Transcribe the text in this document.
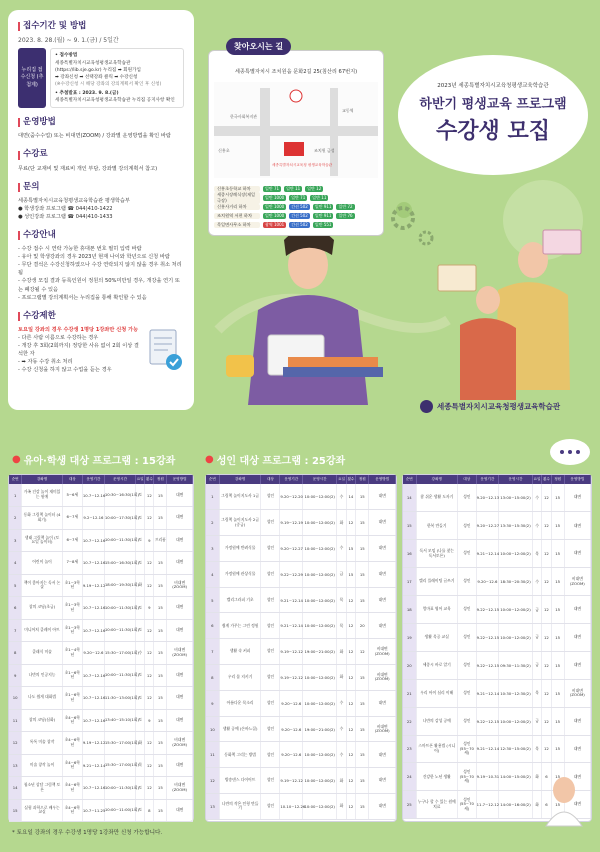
접수기간 및 방법
2023. 8. 28.(월) ~ 9. 1.(금) / 5일간
누리집 접수신청 (추첨제)
• 접수방법
세종특별자치시교육청평생교육학습관
(https://lib.sje.go.kr) 누리집 ➡ 회원가입
➡ 강좌신청 ➡ 선택강좌 클릭 ➡ 수강신청
(※수강신청 시 해당 강좌의 강의계획서 확인 후 신청)
• 추첨발표 : 2023. 9. 8.(금)
세종특별자치시교육청평생교육학습관 누리집 공지사항 확인
운영방법
대면(줌수수업) 또는 비대면(ZOOM) / 강좌별 운영방법을 확인 바람
수강료
무료(단 교재비 및 재료비 개인 부담, 강좌별 강의계획서 참고)
문의
세종특별자치시교육청평생교육학습관 평생학습부
● 학생강좌 프로그램 ☎ 044)410-1422
● 성인강좌 프로그램 ☎ 044)410-1433
수강안내
- 수강 접수 시 연락 가능한 휴대폰 번호 필히 입력 바람
- 유아 및 학생강좌의 경우 2023년 현재 나이와 학년으로 신청 바람
- 무단 결석은 수강신청하였으나 수강 연락되지 않지 않을 경우 취소 처리 됨
- 수강생 모집 결과 등록인원이 정원의 50%미만일 경우, 개강을 연기 또는 폐강될 수 있음
- 프로그램별 강의계획서는 누리집을 통해 확인할 수 있음
수강제한
토요일 강좌의 경우 수강생 1명당 1강좌만 신청 가능
- 다른 사람 이름으로 수강하는 경우
- 개강 후 3회(2회까지) 정당한 사유 없이 2회 이상 결석한 자
- ➡ 자동 수강 취소 처리
- 수강 신청을 하지 않고 수업을 듣는 경우
찾아오시는 길
세종특별자치시 조치원읍 문화2길 25(침산리 67번지)
한국사회복지관
교동역
신흥초	조치원 금성
세종특별자치시교육청 평생교육학습관
신흥초등학교 하차	일반 71	일반 11	일반 12
세종시장례식장(제일극장)
일반 1000	일반 71	일반 11
신흥사거리 하차	일반 1000	간선 502	일반 911	일반 72
조치원역 서편 하차	일반 1000	간선 502	일반 911	일반 76
목일면사무소 하차	광역 1001	간선 502	일반 551
2023년 세종특별자치시교육청평생교육학습관
하반기 평생교육 프로그램
수강생 모집
세종특별자치시교육청평생교육학습관
● 유아·학생 대상 프로그램 : 15강좌	● 성인 대상 프로그램 : 25강좌
순번	강좌명	대상	운영기간	운영시간	요일	횟수	정원	운영방법
1	가족 건강 놀이 재미있는 원예	5~6세	10.7~12.16	10:30~16:30(1회)	토	12	15	대면
2	동화 그림책 놀이터 (4회기)	6~7세	9.2~12.16	10:00~17:30(1회)	토	12	15	대면
3	생태 그림책 놀이 (토요일 놀이터)	6~7세	10.7~12.16	10:00~11:30(1회)	토	9	프리폼	대면
4	어린이 놀이	7~8세	10.7~12.16	15:00~16:30(1회)	토	12	15	대면
5	책이 좋아지는 독서 논술	초1~3학년	9.19~12.12	18:00~19:30(1회)	화	12	15	비대면(ZOOM)
6	창의 코딩(초급)	초1~3학년	10.7~12.16	10:00~11:30(1회)	토	9	15	대면
7	미니어처 클레이 아트	초1~3학년	10.7~12.16	10:00~11:30(1회)	토	12	15	대면
8	클래식 미술	초1~4학년	9.20~12.6	15:30~17:00(1회)	수	12	15	비대면(ZOOM)
9	나만의 인공지능	초1~6학년	10.7~12.16	10:00~11:30(1회)	토	12	15	대면
10	나도 쉽게 대화법	초1~6학년	10.7~12.16	11:30~13:00(1회)	토	12	15	대면
11	창의 코딩(심화)	초4~6학년	10.7~12.16	13:40~15:10(1회)	토	9	15	대면
12	톡톡 미술 창작	초4~6학년	9.19~12.12	15:30~17:00(1회)	화	12	15	비대면(ZOOM)
13	미술 창작 놀이	초4~6학년	9.21~12.14	15:30~17:00(1회)	목	12	15	대면
14	청소년 상담 그림책 토론	초4~6학년	10.7~12.16	10:00~11:30(1회)	토	12	15	비대면(ZOOM)
15	실험 과학으로 배우는 교실	초4~6학년	10.7~11.25	10:00~11:00(1회)	토	8	15	대면
순번	강좌명	대상	운영기간	운영시간	요일	횟수	정원	운영방법
1	그림책 놀이지도사 1급	성인	9.20~12.20	10:00~12:00(2)	수	14	15	대면
2	그림책 놀이지도사 2급 (중급)	성인	9.19~12.19	10:00~12:00(2)	화	12	15	대면
3	가정원예 반려식물	성인	9.20~12.27	10:00~12:00(2)	수	15	15	대면
4	가정원예 관상식물	성인	9.22~12.29	10:00~12:00(2)	금	15	15	대면
5	캘리그라피 기초	성인	9.21~12.14	10:00~12:00(2)	목	12	15	대면
6	쉽게 가꾸는 그린 정원	성인	9.21~12.14	10:00~12:00(2)	목	12	20	대면
7	생활 속 커피	성인	9.19~12.12	19:00~21:00(2)	화	12	12	비대면(ZOOM)
8	우리 몸 지키기	성인	9.19~12.12	10:00~12:00(2)	화	12	15	비대면(ZOOM)
9	아름다운 목소리	성인	9.20~12.6	10:00~12:00(2)	수	12	15	대면
10	생활 공예 (손바느질)	성인	9.20~12.6	19:00~21:00(2)	수	12	15	비대면(ZOOM)
11	동화책 그리는 방법	성인	9.20~12.6	10:00~12:00(2)	수	12	15	대면
12	방송댄스 다이어트	성인	9.19~12.12	10:00~12:00(2)	화	12	15	대면
13	나만의 작은 인형 만들기	성인	10.10~12.26	10:00~12:00(2)	화	12	15	대면
순번	강좌명	대상	운영기간	운영시간	요일	횟수	정원	운영방법
14	참 쉬운 생활 도자기	성인	9.20~12.13	13:00~15:00(2)	수	12	15	대면
15	한복 만들기	성인	9.20~12.27	13:30~15:30(2)	수	12	15	대면
16	독서 모임 (나를 찾는 독서토론)	성인	9.21~12.14	10:00~12:00(2)	목	12	15	대면
17	캘리 플레이팅 글쓰기	성인	9.20~12.6	18:30~20:30(2)	수	12	15	비대면(ZOOM)
18	엄마표 영어 교육	성인	9.22~12.15	10:00~12:00(2)	금	12	15	대면
19	생활 목공 교실	성인	9.22~12.15	10:00~12:00(2)	금	12	15	대면
20	세종시 바로 알기	성인	9.22~12.15	09:30~11:30(2)	금	12	15	대면
21	우리 아이 심리 이해	성인	9.21~12.14	10:30~12:30(2)	목	12	15	비대면(ZOOM)
22	나만의 감성 공예	성인	9.22~12.15	10:00~12:00(2)	금	12	15	대면
23	스마트폰 활용법 (시니어)	성인 (55~70세)	9.21~12.14	12:30~15:00(2)	목	12	15	대면
24	건강한 노년 생활	성인 (55~70세)	9.19~10.31	14:00~15:00(2)	화	6	15	대면
25	누구나 할 수 있는 원예 치료	성인 (55~70세)	11.7~12.12	14:00~16:00(2)	화	6	15	대면
* 토요일 강좌의 경우 수강생 1명당 1강좌만 신청 가능합니다.
